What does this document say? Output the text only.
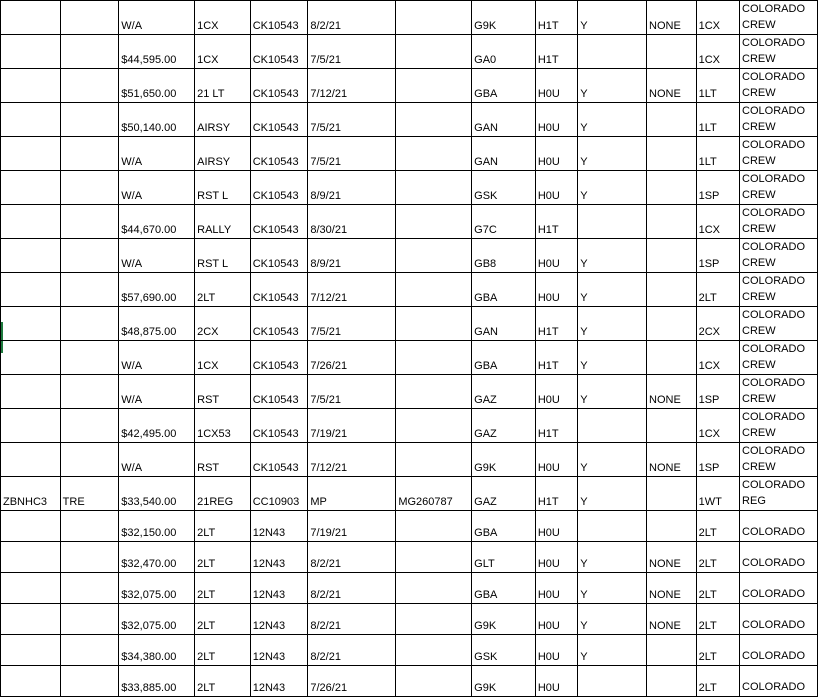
		W/A	1CX	CK10543	8/2/21		G9K	H1T	Y	NONE	1CX	COLORADO CREW
		$44,595.00	1CX	CK10543	7/5/21		GA0	H1T			1CX	COLORADO CREW
		$51,650.00	21 LT	CK10543	7/12/21		GBA	H0U	Y	NONE	1LT	COLORADO CREW
		$50,140.00	AIRSY	CK10543	7/5/21		GAN	H0U	Y		1LT	COLORADO CREW
		W/A	AIRSY	CK10543	7/5/21		GAN	H0U	Y		1LT	COLORADO CREW
		W/A	RST L	CK10543	8/9/21		GSK	H0U	Y		1SP	COLORADO CREW
		$44,670.00	RALLY	CK10543	8/30/21		G7C	H1T			1CX	COLORADO CREW
		W/A	RST L	CK10543	8/9/21		GB8	H0U	Y		1SP	COLORADO CREW
		$57,690.00	2LT	CK10543	7/12/21		GBA	H0U	Y		2LT	COLORADO CREW
		$48,875.00	2CX	CK10543	7/5/21		GAN	H1T	Y		2CX	COLORADO CREW
		W/A	1CX	CK10543	7/26/21		GBA	H1T	Y		1CX	COLORADO CREW
		W/A	RST	CK10543	7/5/21		GAZ	H0U	Y	NONE	1SP	COLORADO CREW
		$42,495.00	1CX53	CK10543	7/19/21		GAZ	H1T			1CX	COLORADO CREW
		W/A	RST	CK10543	7/12/21		G9K	H0U	Y	NONE	1SP	COLORADO CREW
ZBNHC3	TRE	$33,540.00	21REG	CC10903	MP	MG260787	GAZ	H1T	Y		1WT	COLORADO REG
		$32,150.00	2LT	12N43	7/19/21		GBA	H0U			2LT	COLORADO
		$32,470.00	2LT	12N43	8/2/21		GLT	H0U	Y	NONE	2LT	COLORADO
		$32,075.00	2LT	12N43	8/2/21		GBA	H0U	Y	NONE	2LT	COLORADO
		$32,075.00	2LT	12N43	8/2/21		G9K	H0U	Y	NONE	2LT	COLORADO
		$34,380.00	2LT	12N43	8/2/21		GSK	H0U	Y		2LT	COLORADO
		$33,885.00	2LT	12N43	7/26/21		G9K	H0U			2LT	COLORADO
